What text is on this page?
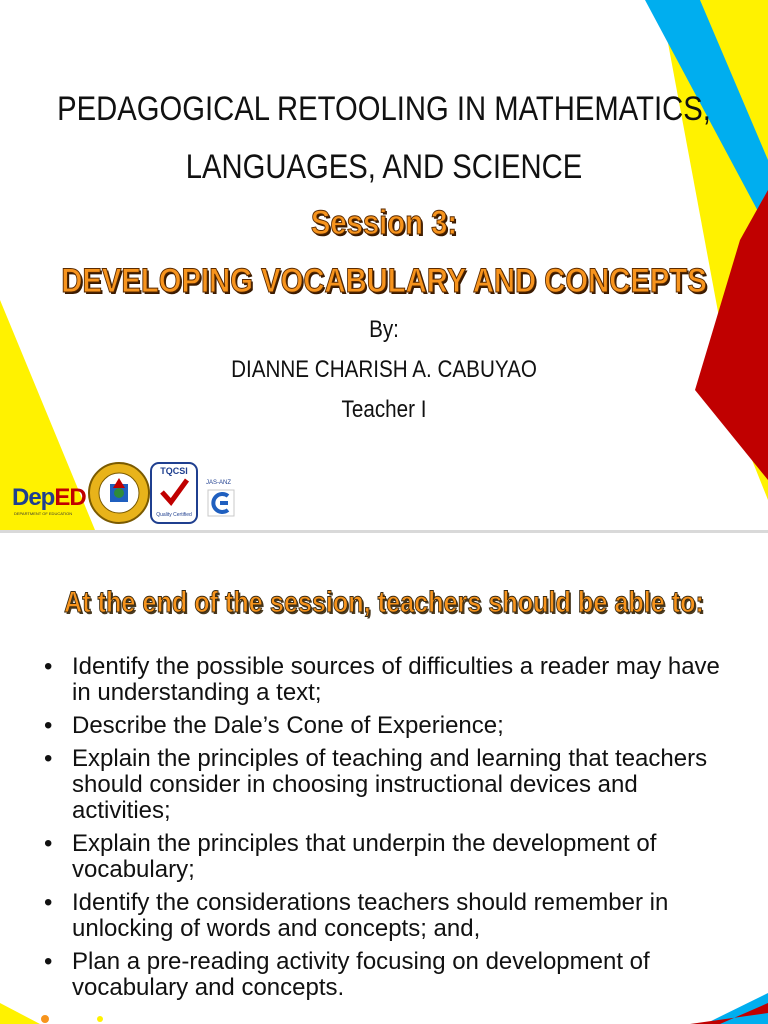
PEDAGOGICAL RETOOLING IN MATHEMATICS,
LANGUAGES, AND SCIENCE
Session 3:
DEVELOPING VOCABULARY AND CONCEPTS
By:
DIANNE CHARISH A. CABUYAO
Teacher I
DepED
DEPARTMENT OF EDUCATION
TQCSI
Quality Certified
JAS-ANZ
At the end of the session, teachers should be able to:
• Identify the possible sources of difficulties a reader may have in understanding a text;
• Describe the Dale’s Cone of Experience;
• Explain the principles of teaching and learning that teachers should consider in choosing instructional devices and activities;
• Explain the principles that underpin the development of vocabulary;
• Identify the considerations teachers should remember in unlocking of words and concepts; and,
• Plan a pre-reading activity focusing on development of vocabulary and concepts.
